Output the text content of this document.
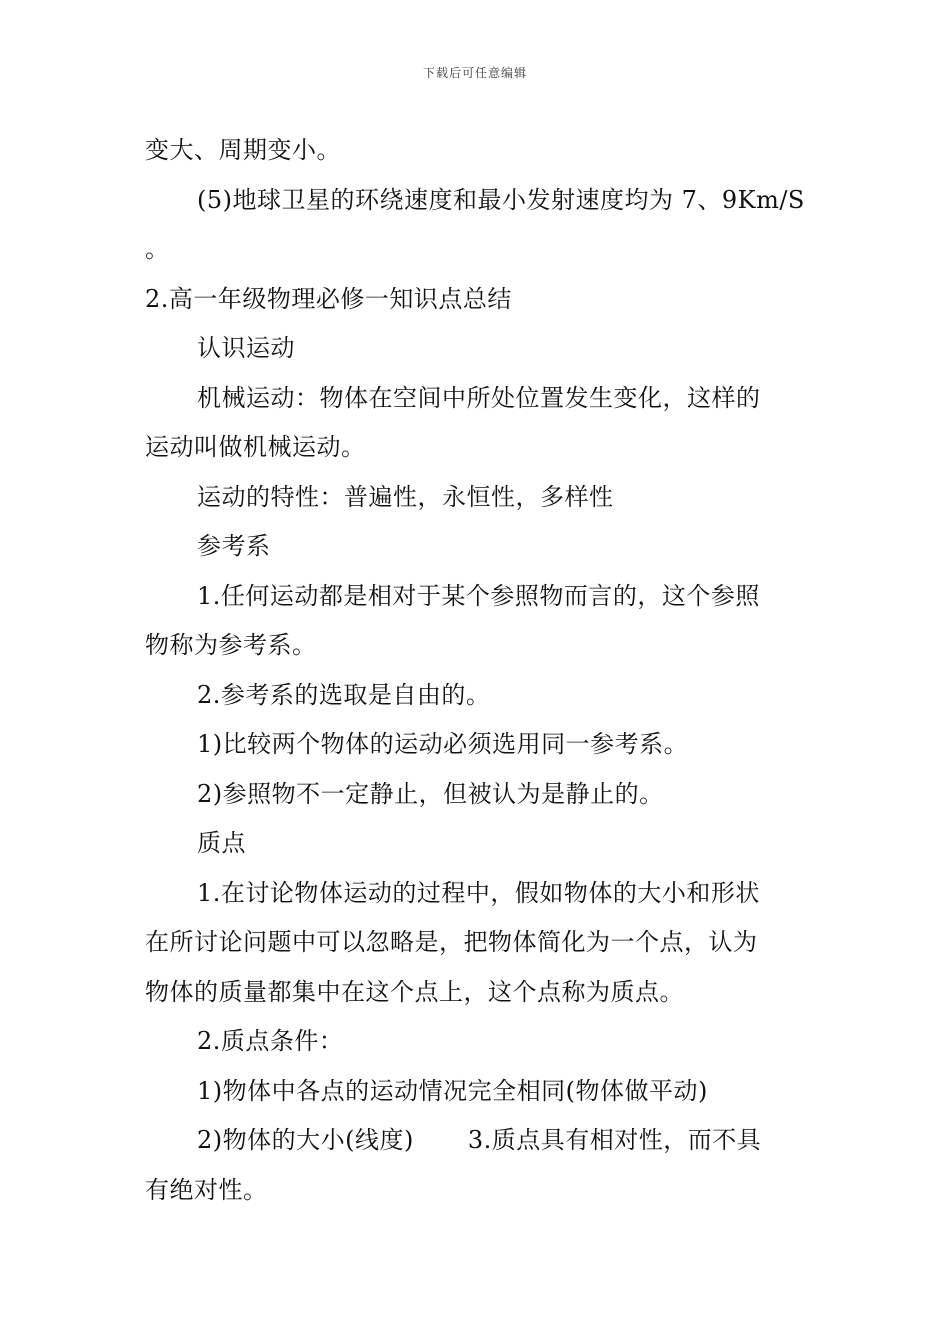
下载后可任意编辑
变大、周期变小。
(5)地球卫星的环绕速度和最小发射速度均为 7、9Km/S
。
2.高一年级物理必修一知识点总结
认识运动
机械运动：物体在空间中所处位置发生变化，这样的
运动叫做机械运动。
运动的特性：普遍性，永恒性，多样性
参考系
1.任何运动都是相对于某个参照物而言的，这个参照
物称为参考系。
2.参考系的选取是自由的。
1)比较两个物体的运动必须选用同一参考系。
2)参照物不一定静止，但被认为是静止的。
质点
1.在讨论物体运动的过程中，假如物体的大小和形状
在所讨论问题中可以忽略是，把物体简化为一个点，认为
物体的质量都集中在这个点上，这个点称为质点。
2.质点条件：
1)物体中各点的运动情况完全相同(物体做平动)
2)物体的大小(线度) 3.质点具有相对性，而不具
有绝对性。
